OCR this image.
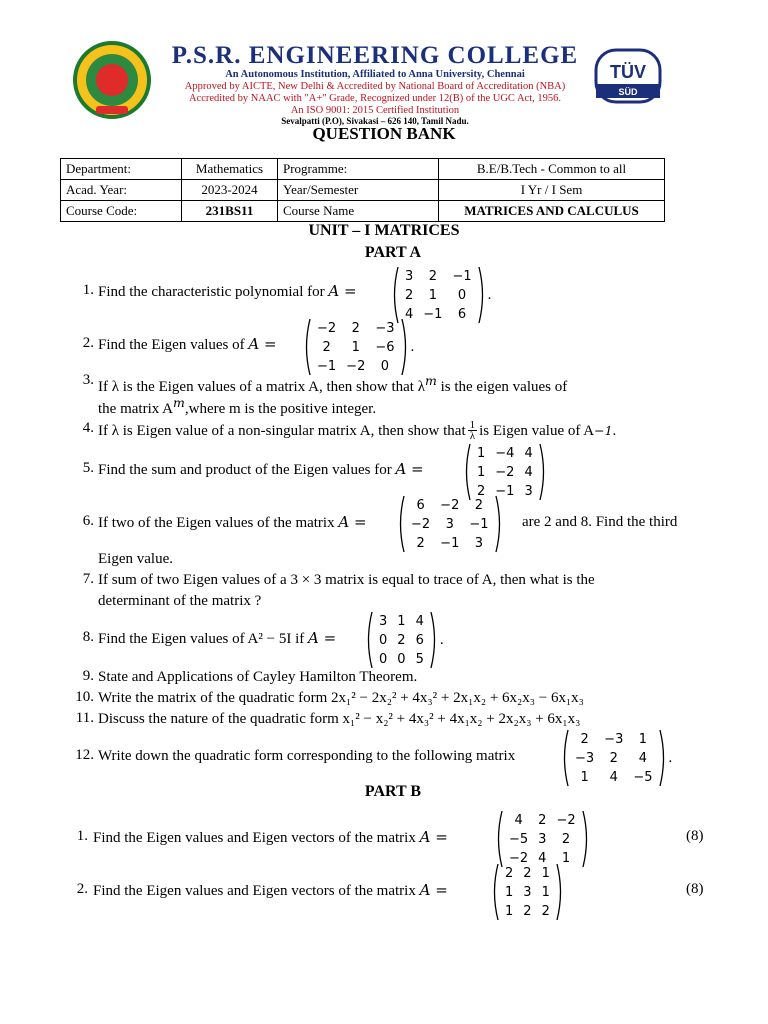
P.S.R. ENGINEERING COLLEGE
An Autonomous Institution, Affiliated to Anna University, Chennai
Approved by AICTE, New Delhi & Accredited by National Board of Accreditation (NBA)
Accredited by NAAC with "A+" Grade, Recognized under 12(B) of the UGC Act, 1956.
An ISO 9001: 2015 Certified Institution
Sevalpatti (P.O), Sivakasi – 626 140, Tamil Nadu.
TÜV
SÜD
QUESTION BANK
Department:	Mathematics	Programme:	B.E/B.Tech - Common to all
Acad. Year:	2023-2024	Year/Semester	I Yr / I Sem
Course Code:	231BS11	Course Name	MATRICES AND CALCULUS
UNIT – I MATRICES
PART A
1. Find the characteristic polynomial for A =
3	2	−1
2	1	0
4	−1	6
.
2. Find the Eigen values of A =
−2	2	−3
2	1	−6
−1	−2	0
.
3. If λ is the Eigen values of a matrix A, then show that $\lambda^m$ is the eigen values of
the matrix $A^m,where$ m is the positive integer.
4. If λ is Eigen value of a non-singular matrix A, then show that $\frac{1}{\lambda}$ is Eigen value of A −1 .
5. Find the sum and product of the Eigen values for A =
1	−4	4
1	−2	4
2	−1	3
6. If two of the Eigen values of the matrix A =
6	−2	2
−2	3	−1
2	−1	3
are 2 and 8. Find the third
Eigen value.
7. If sum of two Eigen values of a 3 × 3 matrix is equal to trace of A, then what is the
determinant of the matrix ?
8. Find the Eigen values of A² − 5I if A =
3	1	4
0	2	6
0	0	5
.
9. State and Applications of Cayley Hamilton Theorem.
10. Write the matrix of the quadratic form 2x₁² − 2x₂² + 4x₃² + 2x₁x₂ + 6x₂x₃ − 6x₁x₃
11. Discuss the nature of the quadratic form x₁² − x₂² + 4x₃² + 4x₁x₂ + 2x₂x₃ + 6x₁x₃
12. Write down the quadratic form corresponding to the following matrix
2	−3	1
−3	2	4
1	4	−5
.
PART B
1. Find the Eigen values and Eigen vectors of the matrix A =
4	2	−2
−5	3	2
−2	4	1
(8)
2. Find the Eigen values and Eigen vectors of the matrix A =
2	2	1
1	3	1
1	2	2
(8)
